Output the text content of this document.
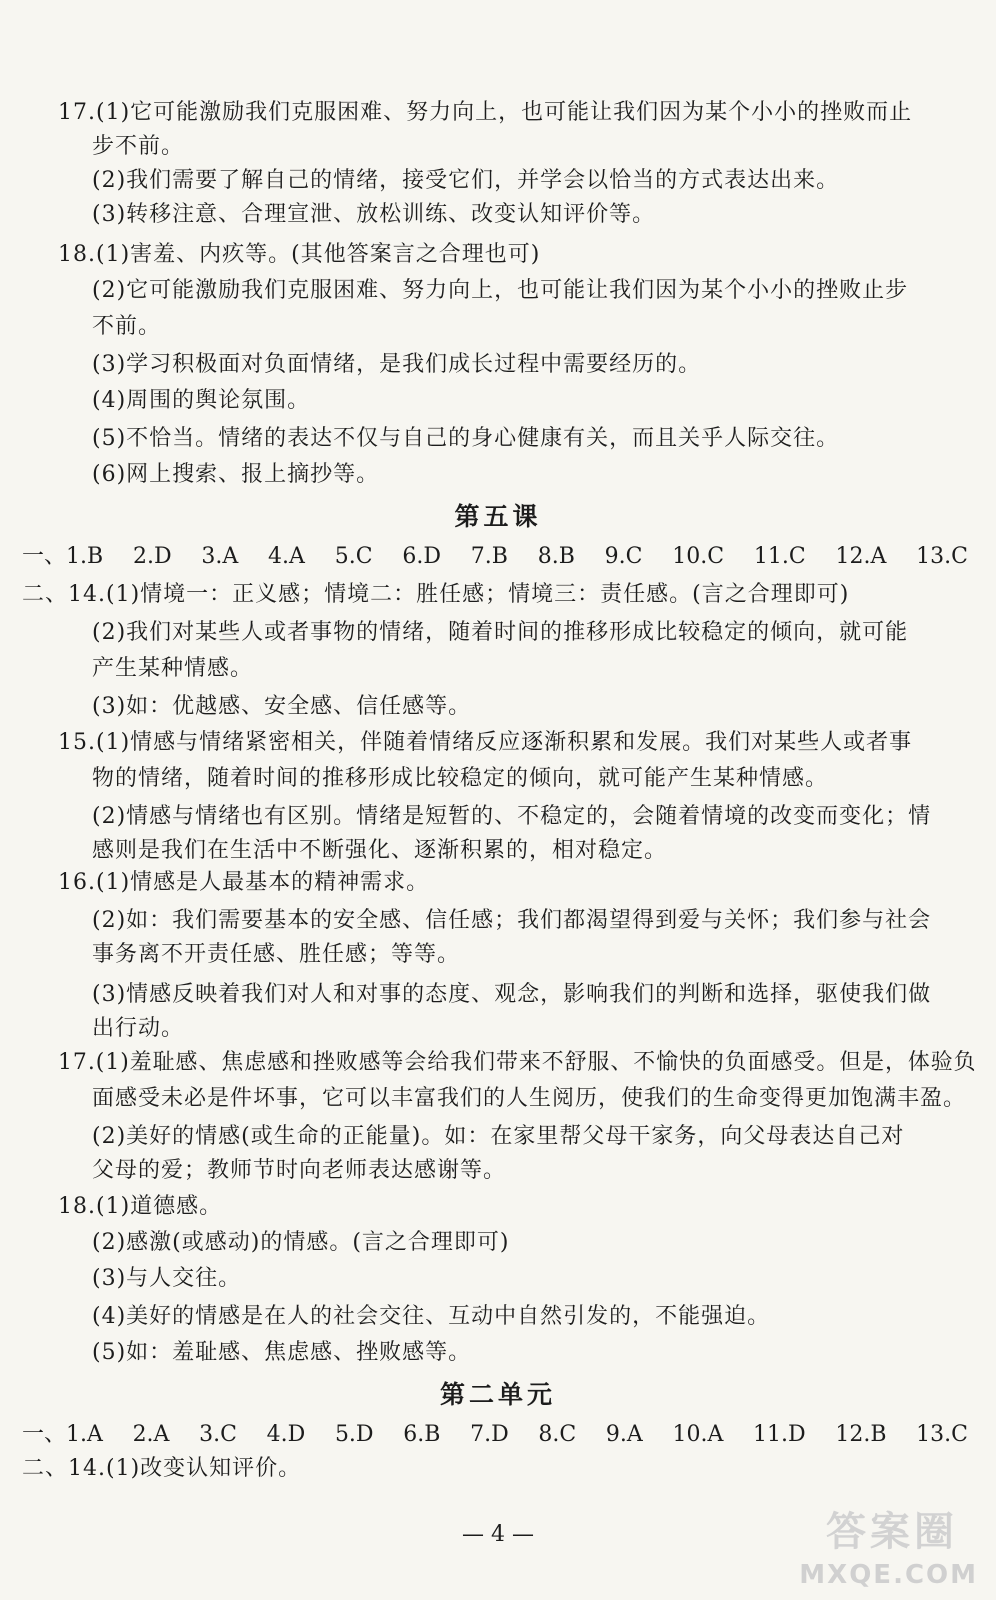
17.(1)它可能激励我们克服困难、努力向上，也可能让我们因为某个小小的挫败而止
步不前。
(2)我们需要了解自己的情绪，接受它们，并学会以恰当的方式表达出来。
(3)转移注意、合理宣泄、放松训练、改变认知评价等。
18.(1)害羞、内疚等。(其他答案言之合理也可)
(2)它可能激励我们克服困难、努力向上，也可能让我们因为某个小小的挫败止步
不前。
(3)学习积极面对负面情绪，是我们成长过程中需要经历的。
(4)周围的舆论氛围。
(5)不恰当。情绪的表达不仅与自己的身心健康有关，而且关乎人际交往。
(6)网上搜索、报上摘抄等。
第五课
一、1.B 2.D 3.A 4.A 5.C 6.D 7.B 8.B 9.C 10.C 11.C 12.A 13.C
二、14.(1)情境一：正义感；情境二：胜任感；情境三：责任感。(言之合理即可)
(2)我们对某些人或者事物的情绪，随着时间的推移形成比较稳定的倾向，就可能
产生某种情感。
(3)如：优越感、安全感、信任感等。
15.(1)情感与情绪紧密相关，伴随着情绪反应逐渐积累和发展。我们对某些人或者事
物的情绪，随着时间的推移形成比较稳定的倾向，就可能产生某种情感。
(2)情感与情绪也有区别。情绪是短暂的、不稳定的，会随着情境的改变而变化；情
感则是我们在生活中不断强化、逐渐积累的，相对稳定。
16.(1)情感是人最基本的精神需求。
(2)如：我们需要基本的安全感、信任感；我们都渴望得到爱与关怀；我们参与社会
事务离不开责任感、胜任感；等等。
(3)情感反映着我们对人和对事的态度、观念，影响我们的判断和选择，驱使我们做
出行动。
17.(1)羞耻感、焦虑感和挫败感等会给我们带来不舒服、不愉快的负面感受。但是，体验负
面感受未必是件坏事，它可以丰富我们的人生阅历，使我们的生命变得更加饱满丰盈。
(2)美好的情感(或生命的正能量)。如：在家里帮父母干家务，向父母表达自己对
父母的爱；教师节时向老师表达感谢等。
18.(1)道德感。
(2)感激(或感动)的情感。(言之合理即可)
(3)与人交往。
(4)美好的情感是在人的社会交往、互动中自然引发的，不能强迫。
(5)如：羞耻感、焦虑感、挫败感等。
第二单元
一、1.A 2.A 3.C 4.D 5.D 6.B 7.D 8.C 9.A 10.A 11.D 12.B 13.C
二、14.(1)改变认知评价。
— 4 —	答案圈
MXQE.COM
